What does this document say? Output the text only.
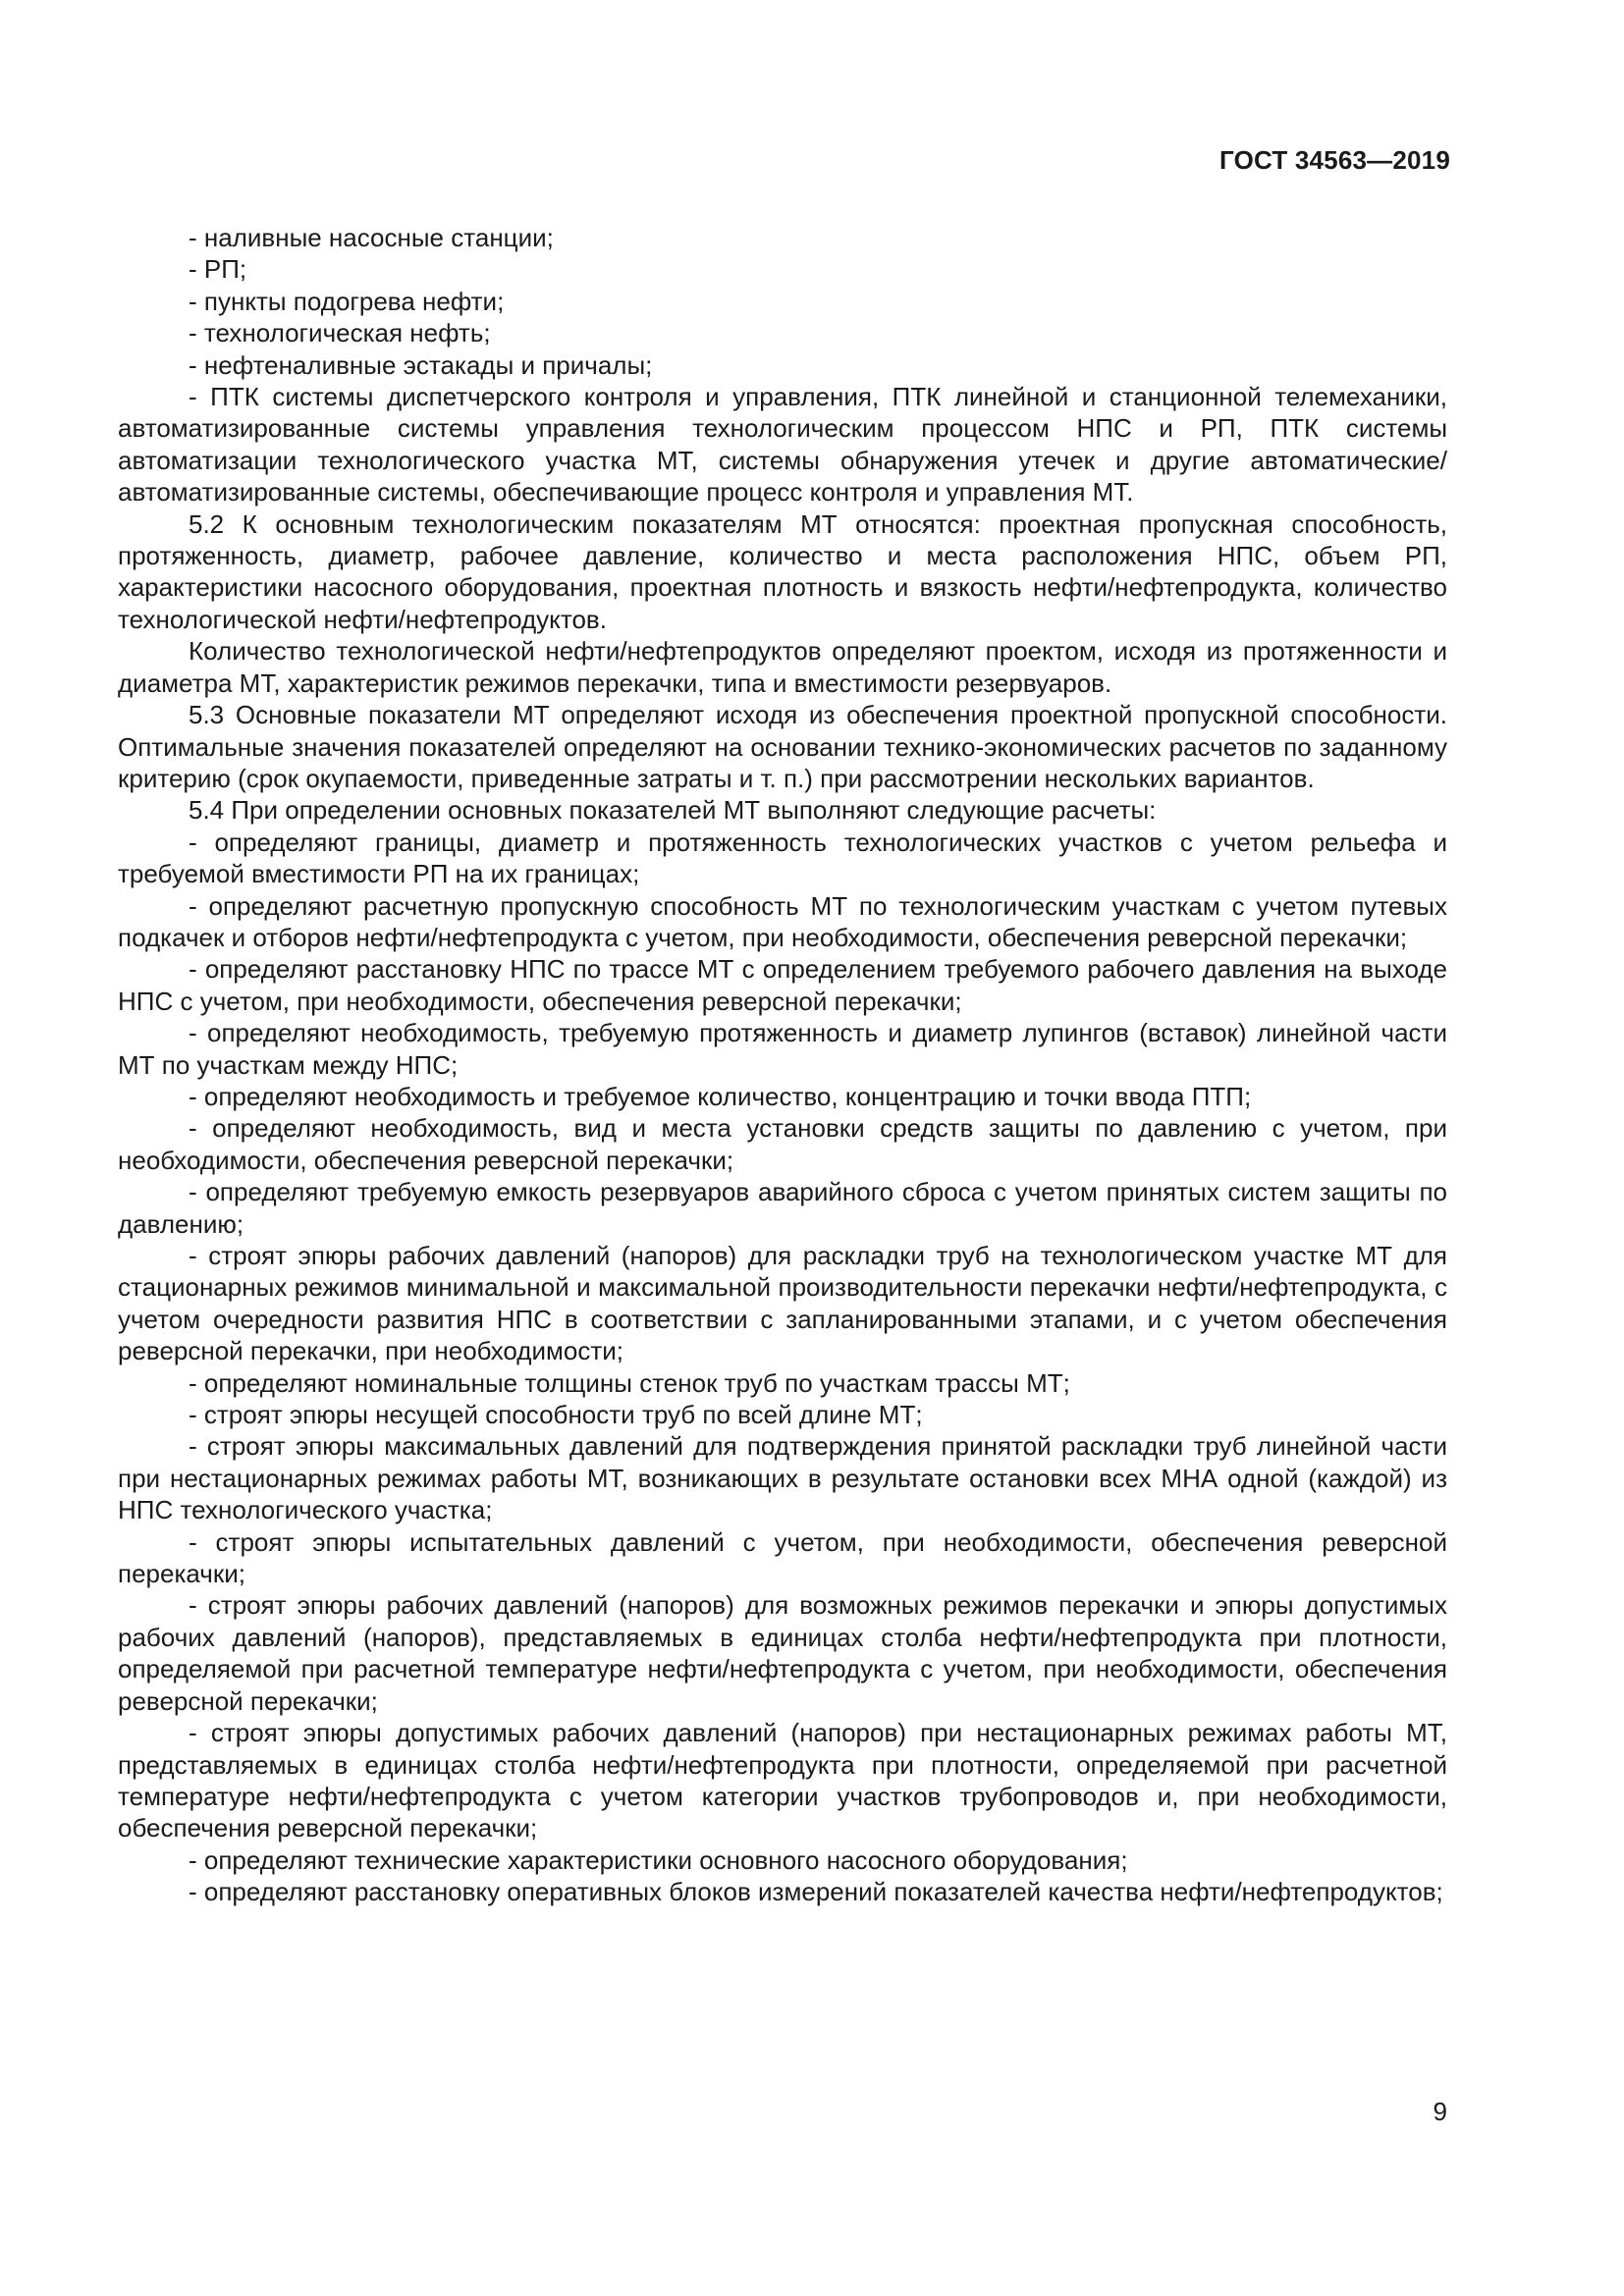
ГОСТ 34563—2019

- наливные насосные станции;

- РП;

- пункты подогрева нефти;

- технологическая нефть;

- нефтеналивные эстакады и причалы;

- ПТК системы диспетчерского контроля и управления, ПТК линейной и станционной телемеханики, автоматизированные системы управления технологическим процессом НПС и РП, ПТК системы автоматизации технологического участка МТ, системы обнаружения утечек и другие автоматические/ автоматизированные системы, обеспечивающие процесс контроля и управления МТ.

5.2 К основным технологическим показателям МТ относятся: проектная пропускная способность, протяженность, диаметр, рабочее давление, количество и места расположения НПС, объем РП, характеристики насосного оборудования, проектная плотность и вязкость нефти/нефтепродукта, количество технологической нефти/нефтепродуктов.

Количество технологической нефти/нефтепродуктов определяют проектом, исходя из протяженности и диаметра МТ, характеристик режимов перекачки, типа и вместимости резервуаров.

5.3 Основные показатели МТ определяют исходя из обеспечения проектной пропускной способности. Оптимальные значения показателей определяют на основании технико-экономических расчетов по заданному критерию (срок окупаемости, приведенные затраты и т. п.) при рассмотрении нескольких вариантов.

5.4 При определении основных показателей МТ выполняют следующие расчеты:

- определяют границы, диаметр и протяженность технологических участков с учетом рельефа и требуемой вместимости РП на их границах;

- определяют расчетную пропускную способность МТ по технологическим участкам с учетом путевых подкачек и отборов нефти/нефтепродукта с учетом, при необходимости, обеспечения реверсной перекачки;

- определяют расстановку НПС по трассе МТ с определением требуемого рабочего давления на выходе НПС с учетом, при необходимости, обеспечения реверсной перекачки;

- определяют необходимость, требуемую протяженность и диаметр лупингов (вставок) линейной части МТ по участкам между НПС;

- определяют необходимость и требуемое количество, концентрацию и точки ввода ПТП;

- определяют необходимость, вид и места установки средств защиты по давлению с учетом, при необходимости, обеспечения реверсной перекачки;

- определяют требуемую емкость резервуаров аварийного сброса с учетом принятых систем защиты по давлению;

- строят эпюры рабочих давлений (напоров) для раскладки труб на технологическом участке МТ для стационарных режимов минимальной и максимальной производительности перекачки нефти/нефтепродукта, с учетом очередности развития НПС в соответствии с запланированными этапами, и с учетом обеспечения реверсной перекачки, при необходимости;

- определяют номинальные толщины стенок труб по участкам трассы МТ;

- строят эпюры несущей способности труб по всей длине МТ;

- строят эпюры максимальных давлений для подтверждения принятой раскладки труб линейной части при нестационарных режимах работы МТ, возникающих в результате остановки всех МНА одной (каждой) из НПС технологического участка;

- строят эпюры испытательных давлений с учетом, при необходимости, обеспечения реверсной перекачки;

- строят эпюры рабочих давлений (напоров) для возможных режимов перекачки и эпюры допустимых рабочих давлений (напоров), представляемых в единицах столба нефти/нефтепродукта при плотности, определяемой при расчетной температуре нефти/нефтепродукта с учетом, при необходимости, обеспечения реверсной перекачки;

- строят эпюры допустимых рабочих давлений (напоров) при нестационарных режимах работы МТ, представляемых в единицах столба нефти/нефтепродукта при плотности, определяемой при расчетной температуре нефти/нефтепродукта с учетом категории участков трубопроводов и, при необходимости, обеспечения реверсной перекачки;

- определяют технические характеристики основного насосного оборудования;

- определяют расстановку оперативных блоков измерений показателей качества нефти/нефтепродуктов;

9
